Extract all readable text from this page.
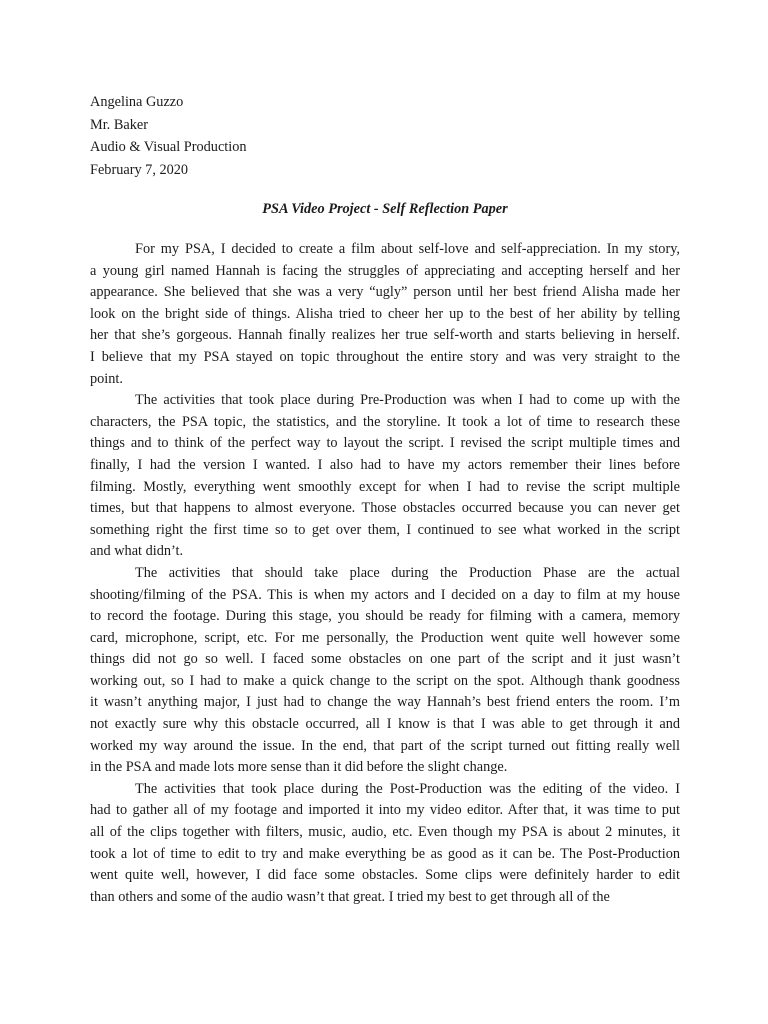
Angelina Guzzo
Mr. Baker
Audio & Visual Production
February 7, 2020
PSA Video Project - Self Reflection Paper
For my PSA, I decided to create a film about self-love and self-appreciation. In my story,
a young girl named Hannah is facing the struggles of appreciating and accepting herself and her
appearance. She believed that she was a very “ugly” person until her best friend Alisha made her
look on the bright side of things. Alisha tried to cheer her up to the best of her ability by telling
her that she’s gorgeous. Hannah finally realizes her true self-worth and starts believing in herself.
I believe that my PSA stayed on topic throughout the entire story and was very straight to the
point.
The activities that took place during Pre-Production was when I had to come up with the
characters, the PSA topic, the statistics, and the storyline. It took a lot of time to research these
things and to think of the perfect way to layout the script. I revised the script multiple times and
finally, I had the version I wanted. I also had to have my actors remember their lines before
filming. Mostly, everything went smoothly except for when I had to revise the script multiple
times, but that happens to almost everyone. Those obstacles occurred because you can never get
something right the first time so to get over them, I continued to see what worked in the script
and what didn’t.
The activities that should take place during the Production Phase are the actual
shooting/filming of the PSA. This is when my actors and I decided on a day to film at my house
to record the footage. During this stage, you should be ready for filming with a camera, memory
card, microphone, script, etc. For me personally, the Production went quite well however some
things did not go so well. I faced some obstacles on one part of the script and it just wasn’t
working out, so I had to make a quick change to the script on the spot. Although thank goodness
it wasn’t anything major, I just had to change the way Hannah’s best friend enters the room. I’m
not exactly sure why this obstacle occurred, all I know is that I was able to get through it and
worked my way around the issue. In the end, that part of the script turned out fitting really well
in the PSA and made lots more sense than it did before the slight change.
The activities that took place during the Post-Production was the editing of the video. I
had to gather all of my footage and imported it into my video editor. After that, it was time to put
all of the clips together with filters, music, audio, etc. Even though my PSA is about 2 minutes, it
took a lot of time to edit to try and make everything be as good as it can be. The Post-Production
went quite well, however, I did face some obstacles. Some clips were definitely harder to edit
than others and some of the audio wasn’t that great. I tried my best to get through all of the
